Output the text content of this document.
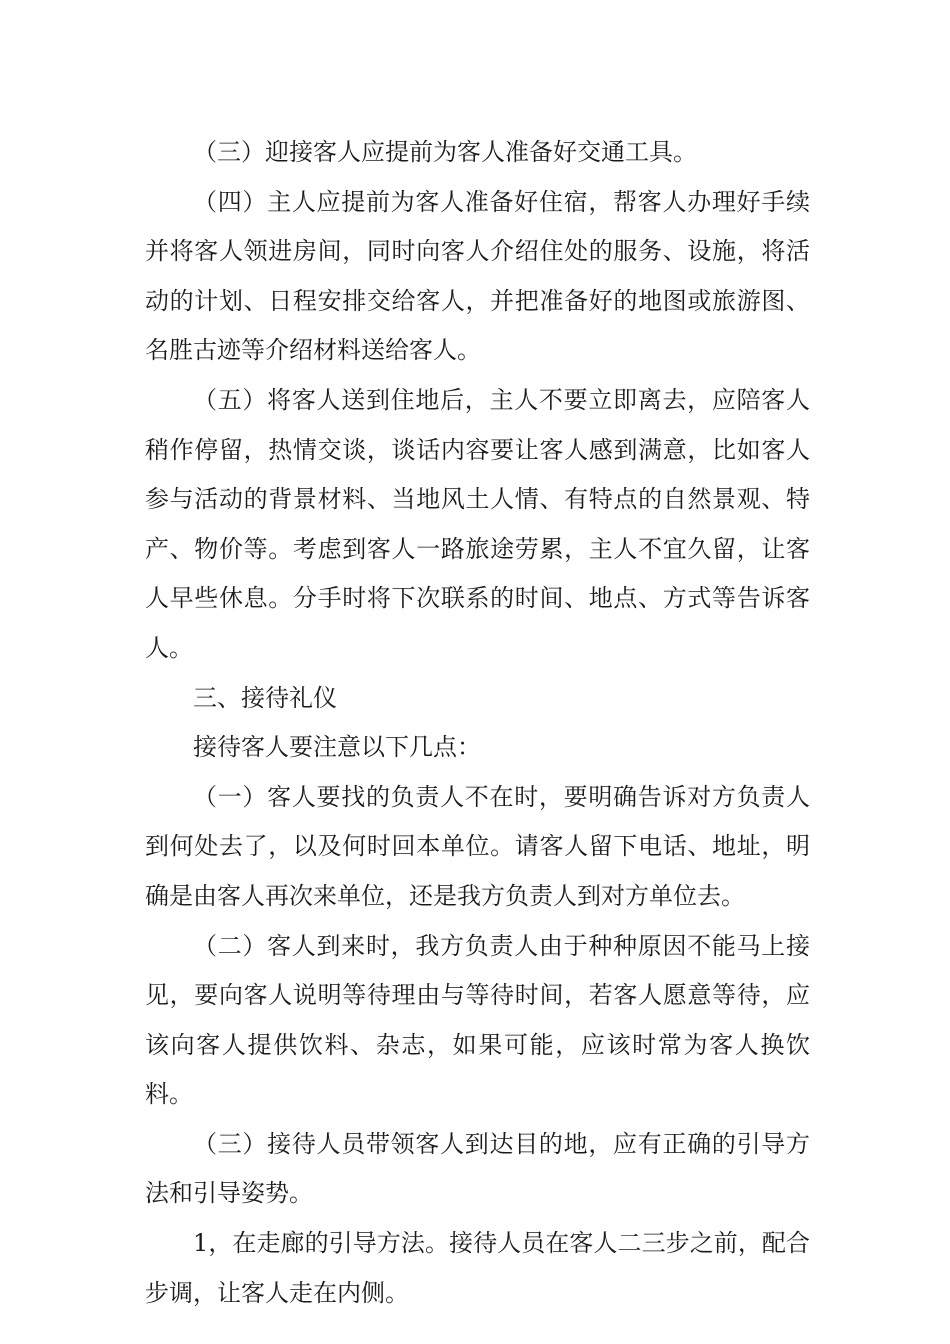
（三）迎接客人应提前为客人准备好交通工具。

（四）主人应提前为客人准备好住宿，帮客人办理好手续并将客人领进房间，同时向客人介绍住处的服务、设施，将活动的计划、日程安排交给客人，并把准备好的地图或旅游图、名胜古迹等介绍材料送给客人。

（五）将客人送到住地后，主人不要立即离去，应陪客人稍作停留，热情交谈，谈话内容要让客人感到满意，比如客人参与活动的背景材料、当地风土人情、有特点的自然景观、特产、物价等。考虑到客人一路旅途劳累，主人不宜久留，让客人早些休息。分手时将下次联系的时间、地点、方式等告诉客人。

三、接待礼仪

接待客人要注意以下几点：

（一）客人要找的负责人不在时，要明确告诉对方负责人到何处去了，以及何时回本单位。请客人留下电话、地址，明确是由客人再次来单位，还是我方负责人到对方单位去。

（二）客人到来时，我方负责人由于种种原因不能马上接见，要向客人说明等待理由与等待时间，若客人愿意等待，应该向客人提供饮料、杂志，如果可能，应该时常为客人换饮料。

（三）接待人员带领客人到达目的地，应有正确的引导方法和引导姿势。

1，在走廊的引导方法。接待人员在客人二三步之前，配合步调，让客人走在内侧。
